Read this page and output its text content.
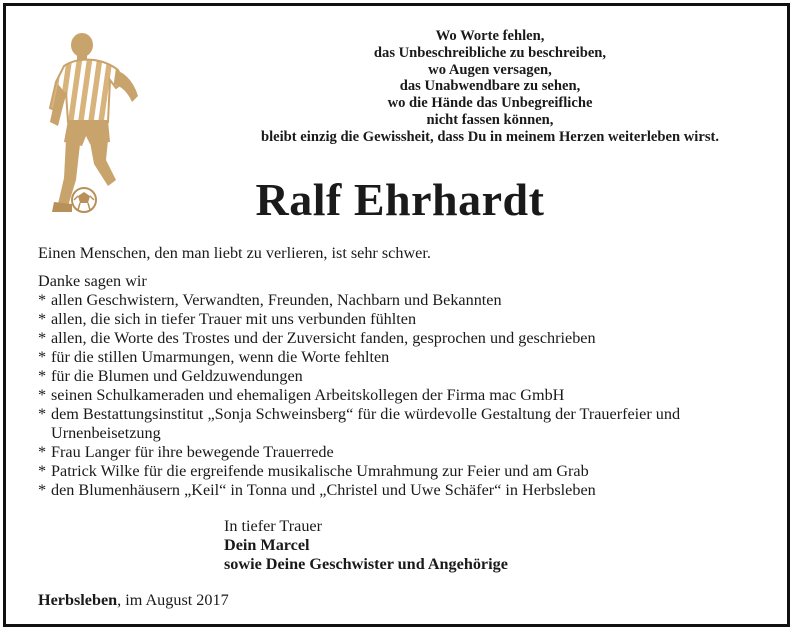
Wo Worte fehlen,
das Unbeschreibliche zu beschreiben,
wo Augen versagen,
das Unabwendbare zu sehen,
wo die Hände das Unbegreifliche
nicht fassen können,
bleibt einzig die Gewissheit, dass Du in meinem Herzen weiterleben wirst.
Ralf Ehrhardt
Einen Menschen, den man liebt zu verlieren, ist sehr schwer.
Danke sagen wir
* allen Geschwistern, Verwandten, Freunden, Nachbarn und Bekannten
* allen, die sich in tiefer Trauer mit uns verbunden fühlten
* allen, die Worte des Trostes und der Zuversicht fanden, gesprochen und geschrieben
* für die stillen Umarmungen, wenn die Worte fehlten
* für die Blumen und Geldzuwendungen
* seinen Schulkameraden und ehemaligen Arbeitskollegen der Firma mac GmbH
* dem Bestattungsinstitut „Sonja Schweinsberg“ für die würdevolle Gestaltung der Trauerfeier und Urnenbeisetzung
* Frau Langer für ihre bewegende Trauerrede
* Patrick Wilke für die ergreifende musikalische Umrahmung zur Feier und am Grab
* den Blumenhäusern „Keil“ in Tonna und „Christel und Uwe Schäfer“ in Herbsleben
In tiefer Trauer
Dein Marcel
sowie Deine Geschwister und Angehörige
Herbsleben, im August 2017
